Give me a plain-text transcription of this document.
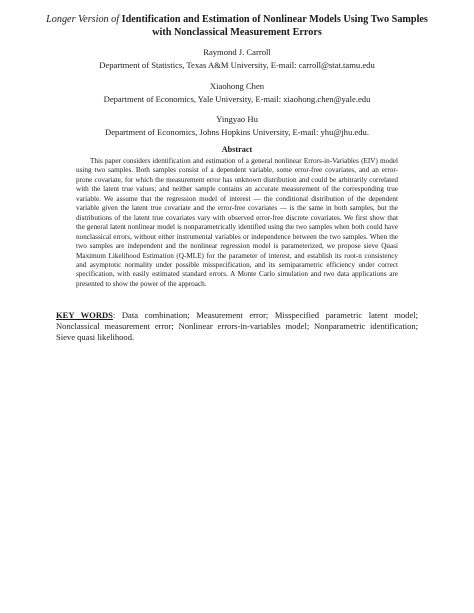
Longer Version of Identification and Estimation of Nonlinear Models Using Two Samples with Nonclassical Measurement Errors
Raymond J. Carroll
Department of Statistics, Texas A&M University, E-mail: carroll@stat.tamu.edu
Xiaohong Chen
Department of Economics, Yale University, E-mail: xiaohong.chen@yale.edu
Yingyao Hu
Department of Economics, Johns Hopkins University, E-mail: yhu@jhu.edu.
Abstract
This paper considers identification and estimation of a general nonlinear Errors-in-Variables (EIV) model using two samples. Both samples consist of a dependent variable, some error-free covariates, and an error-prone covariate, for which the measurement error has unknown distribution and could be arbitrarily correlated with the latent true values; and neither sample contains an accurate measurement of the corresponding true variable. We assume that the regression model of interest — the conditional distribution of the dependent variable given the latent true covariate and the error-free covariates — is the same in both samples, but the distributions of the latent true covariates vary with observed error-free discrete covariates. We first show that the general latent nonlinear model is nonparametrically identified using the two samples when both could have nonclassical errors, without either instrumental variables or independence between the two samples. When the two samples are independent and the nonlinear regression model is parameterized, we propose sieve Quasi Maximum Likelihood Estimation (Q-MLE) for the parameter of interest, and establish its root-n consistency and asymptotic normality under possible misspecification, and its semiparametric efficiency under correct specification, with easily estimated standard errors. A Monte Carlo simulation and two data applications are presented to show the power of the approach.
KEY WORDS: Data combination; Measurement error; Misspecified parametric latent model; Nonclassical measurement error; Nonlinear errors-in-variables model; Nonparametric identification; Sieve quasi likelihood.
